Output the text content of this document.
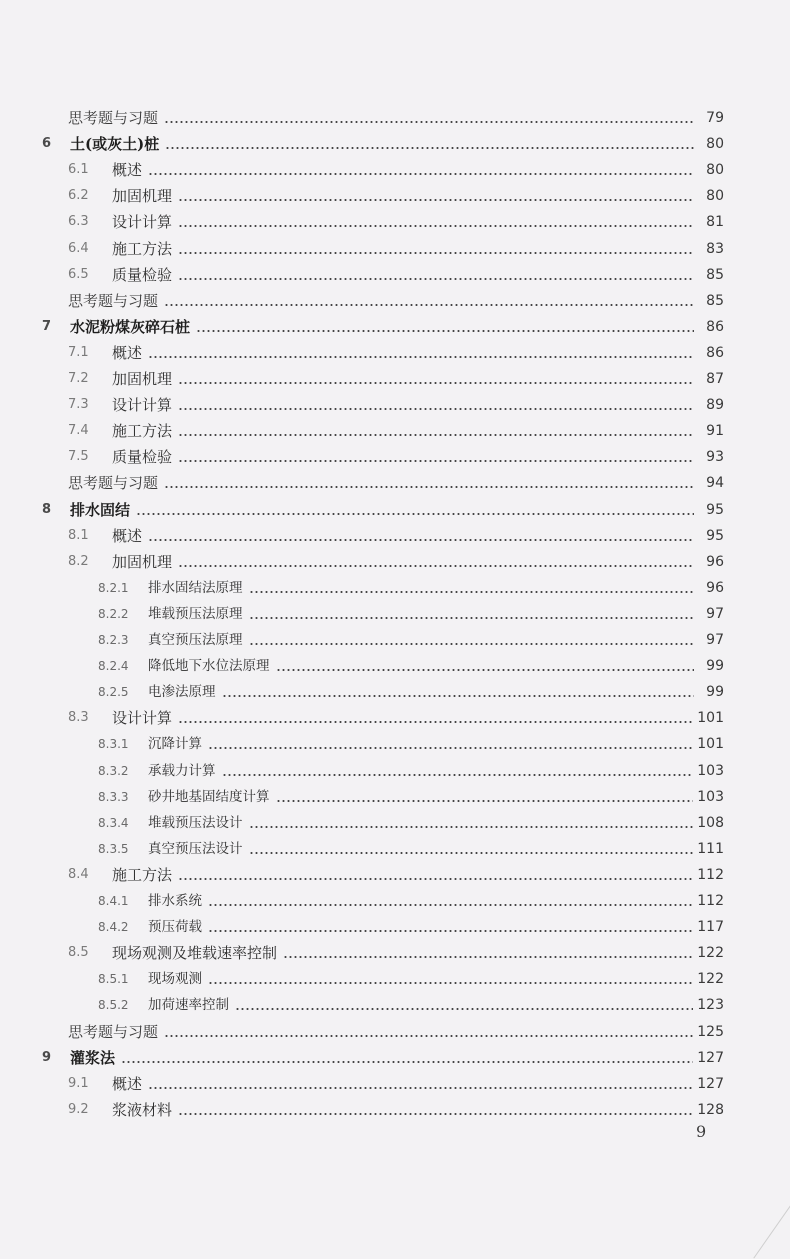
思考题与习题	79
6	土(或灰土)桩	80
6.1	概述	80
6.2	加固机理	80
6.3	设计计算	81
6.4	施工方法	83
6.5	质量检验	85
思考题与习题	85
7	水泥粉煤灰碎石桩	86
7.1	概述	86
7.2	加固机理	87
7.3	设计计算	89
7.4	施工方法	91
7.5	质量检验	93
思考题与习题	94
8	排水固结	95
8.1	概述	95
8.2	加固机理	96
8.2.1	排水固结法原理	96
8.2.2	堆载预压法原理	97
8.2.3	真空预压法原理	97
8.2.4	降低地下水位法原理	99
8.2.5	电渗法原理	99
8.3	设计计算	101
8.3.1	沉降计算	101
8.3.2	承载力计算	103
8.3.3	砂井地基固结度计算	103
8.3.4	堆载预压法设计	108
8.3.5	真空预压法设计	111
8.4	施工方法	112
8.4.1	排水系统	112
8.4.2	预压荷载	117
8.5	现场观测及堆载速率控制	122
8.5.1	现场观测	122
8.5.2	加荷速率控制	123
思考题与习题	125
9	灌浆法	127
9.1	概述	127
9.2	浆液材料	128
9
